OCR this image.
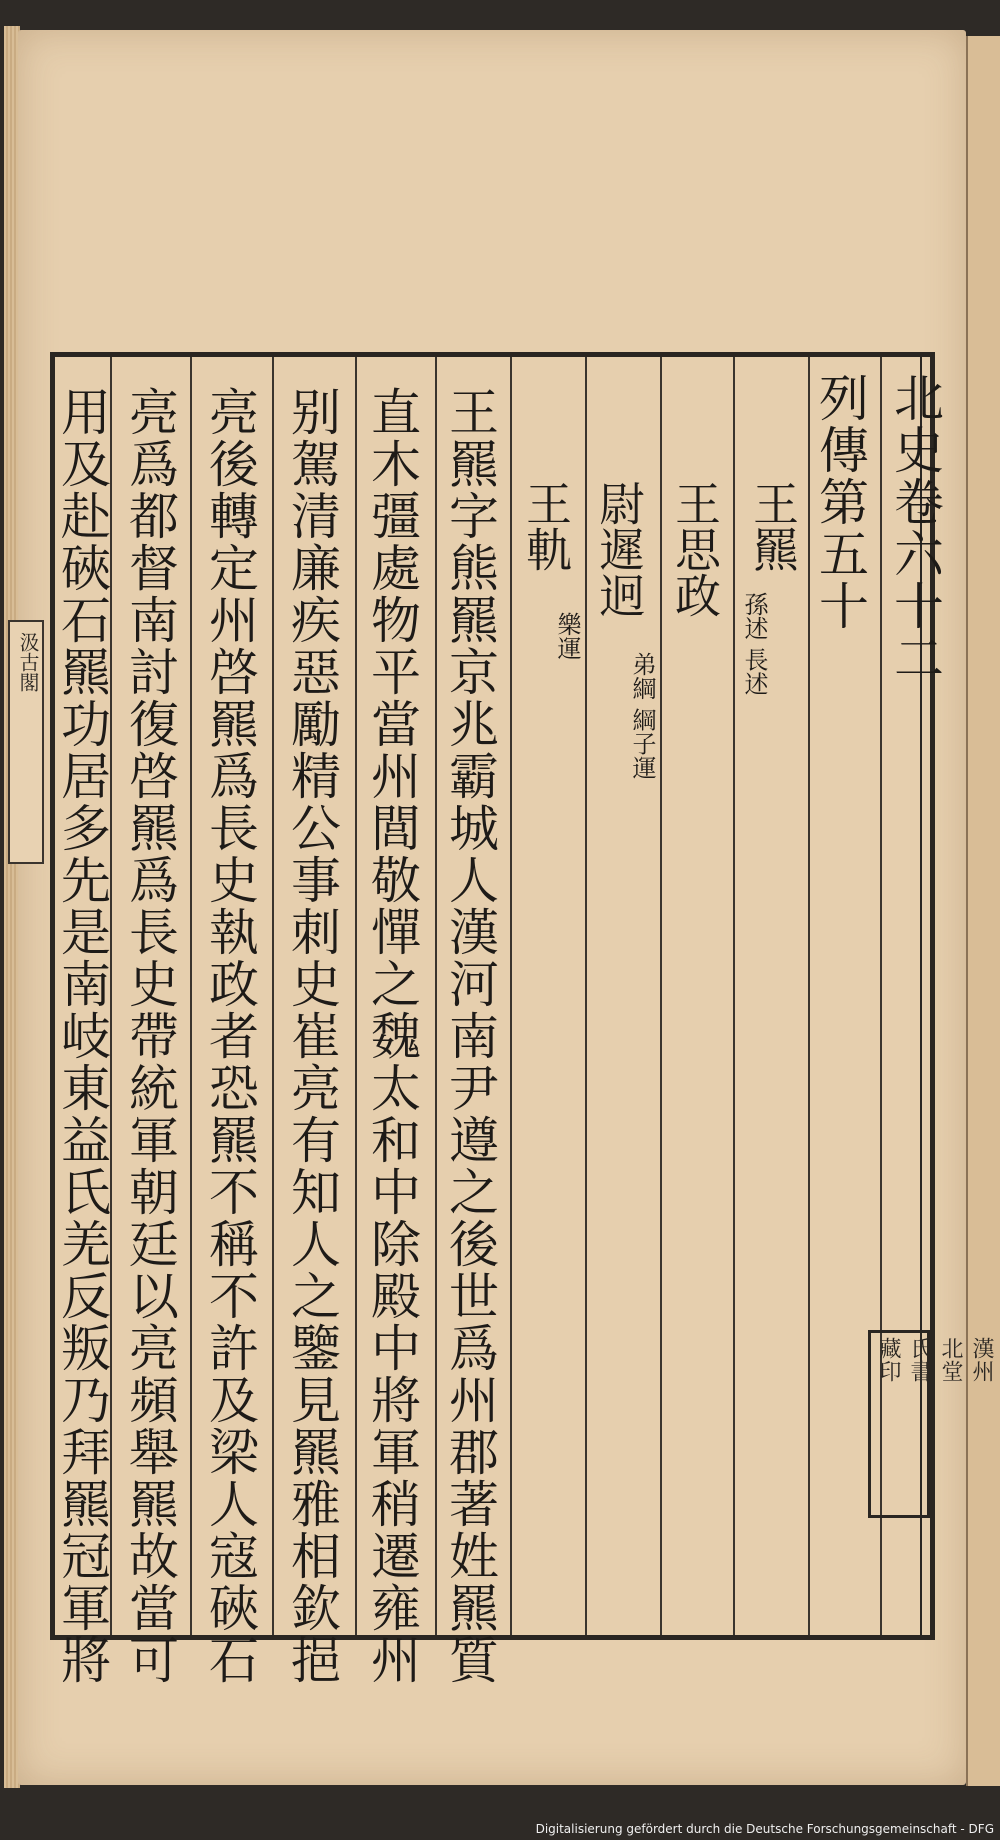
汲古閣	北史卷六十二
列傳第五十
王羆
孫述 長述
王思政
尉遲迥
弟綱 綱子運
王軌
樂運
王羆字熊羆京兆霸城人漢河南尹遵之後世爲州郡著姓羆質
直木彊處物平當州閭敬憚之魏太和中除殿中將軍稍遷雍州
别駕清廉疾惡勵精公事刺史崔亮有知人之鑒見羆雅相欽挹
亮後轉定州啓羆爲長史執政者恐羆不稱不許及梁人寇硤石
亮爲都督南討復啓羆爲長史帶統軍朝廷以亮頻舉羆故當可
用及赴硤石羆功居多先是南岐東益氏羌反叛乃拜羆冠軍將	漢州
北堂
氏書
藏印
Digitalisierung gefördert durch die Deutsche Forschungsgemeinschaft - DFG
